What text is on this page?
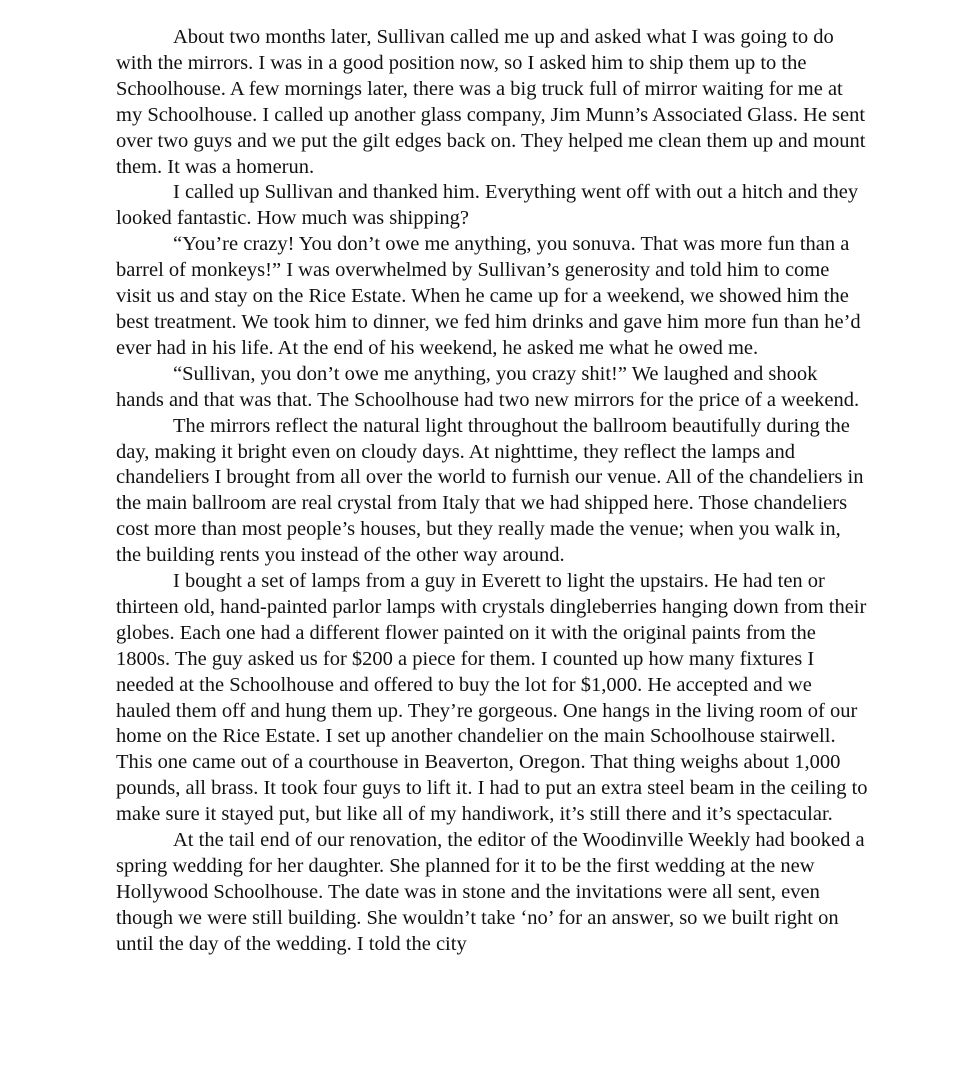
About two months later, Sullivan called me up and asked what I was going to do with the mirrors. I was in a good position now, so I asked him to ship them up to the Schoolhouse. A few mornings later, there was a big truck full of mirror waiting for me at my Schoolhouse. I called up another glass company, Jim Munn’s Associated Glass. He sent over two guys and we put the gilt edges back on. They helped me clean them up and mount them. It was a homerun.

I called up Sullivan and thanked him. Everything went off with out a hitch and they looked fantastic. How much was shipping?

“You’re crazy! You don’t owe me anything, you sonuva. That was more fun than a barrel of monkeys!” I was overwhelmed by Sullivan’s generosity and told him to come visit us and stay on the Rice Estate. When he came up for a weekend, we showed him the best treatment. We took him to dinner, we fed him drinks and gave him more fun than he’d ever had in his life. At the end of his weekend, he asked me what he owed me.

“Sullivan, you don’t owe me anything, you crazy shit!” We laughed and shook hands and that was that. The Schoolhouse had two new mirrors for the price of a weekend.

The mirrors reflect the natural light throughout the ballroom beautifully during the day, making it bright even on cloudy days. At nighttime, they reflect the lamps and chandeliers I brought from all over the world to furnish our venue. All of the chandeliers in the main ballroom are real crystal from Italy that we had shipped here. Those chandeliers cost more than most people’s houses, but they really made the venue; when you walk in, the building rents you instead of the other way around.

I bought a set of lamps from a guy in Everett to light the upstairs. He had ten or thirteen old, hand-painted parlor lamps with crystals dingleberries hanging down from their globes. Each one had a different flower painted on it with the original paints from the 1800s. The guy asked us for $200 a piece for them. I counted up how many fixtures I needed at the Schoolhouse and offered to buy the lot for $1,000. He accepted and we hauled them off and hung them up. They’re gorgeous. One hangs in the living room of our home on the Rice Estate. I set up another chandelier on the main Schoolhouse stairwell. This one came out of a courthouse in Beaverton, Oregon. That thing weighs about 1,000 pounds, all brass. It took four guys to lift it. I had to put an extra steel beam in the ceiling to make sure it stayed put, but like all of my handiwork, it’s still there and it’s spectacular.

At the tail end of our renovation, the editor of the Woodinville Weekly had booked a spring wedding for her daughter. She planned for it to be the first wedding at the new Hollywood Schoolhouse. The date was in stone and the invitations were all sent, even though we were still building. She wouldn’t take ‘no’ for an answer, so we built right on until the day of the wedding. I told the city
